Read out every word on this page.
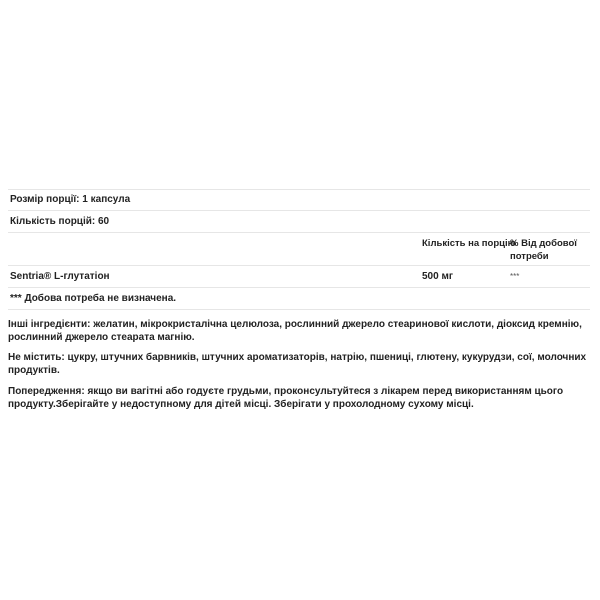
Розмір порції: 1 капсула
Кількість порцій: 60
Кількість на порцію
% Від добової потреби
Sentria® L-глутатіон	500 мг	***
*** Добова потреба не визначена.
Інші інгредієнти: желатин, мікрокристалічна целюлоза, рослинний джерело стеаринової кислоти, діоксид кремнію, рослинний джерело стеарата магнію.
Не містить: цукру, штучних барвників, штучних ароматизаторів, натрію, пшениці, глютену, кукурудзи, сої, молочних продуктів.
Попередження: якщо ви вагітні або годуєте грудьми, проконсультуйтеся з лікарем перед використанням цього продукту.Зберігайте у недоступному для дітей місці. Зберігати у прохолодному сухому місці.
